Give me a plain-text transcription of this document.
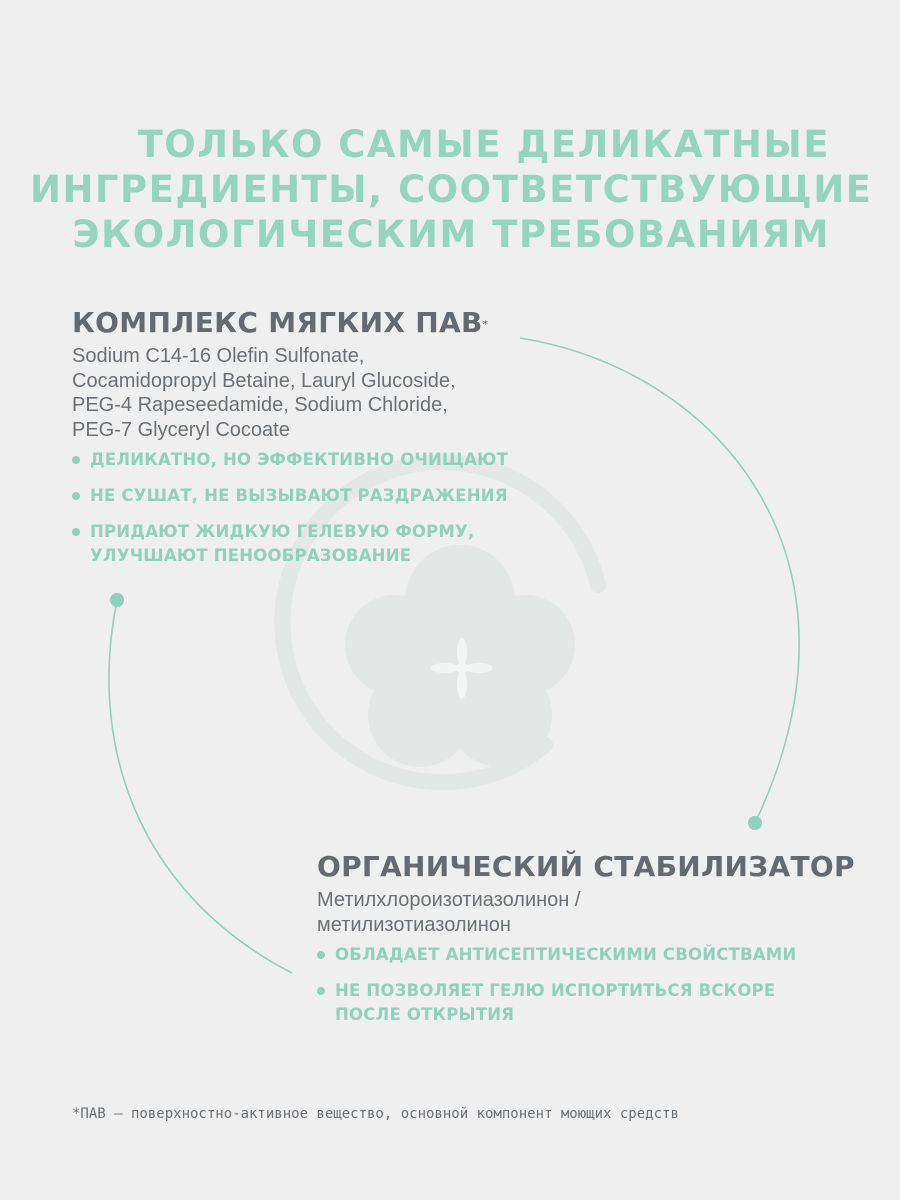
ТОЛЬКО САМЫЕ ДЕЛИКАТНЫЕ
ИНГРЕДИЕНТЫ, СООТВЕТСТВУЮЩИЕ
ЭКОЛОГИЧЕСКИМ ТРЕБОВАНИЯМ
КОМПЛЕКС МЯГКИХ ПАВ*

Sodium C14-16 Olefin Sulfonate,
Cocamidopropyl Betaine, Lauryl Glucoside,
PEG-4 Rapeseedamide, Sodium Chloride,
PEG-7 Glyceryl Cocoate

ДЕЛИКАТНО, НО ЭФФЕКТИВНО ОЧИЩАЮТ
НЕ СУШАТ, НЕ ВЫЗЫВАЮТ РАЗДРАЖЕНИЯ
ПРИДАЮТ ЖИДКУЮ ГЕЛЕВУЮ ФОРМУ,
УЛУЧШАЮТ ПЕНООБРАЗОВАНИЕ
ОРГАНИЧЕСКИЙ СТАБИЛИЗАТОР

Метилхлороизотиазолинон /
метилизотиазолинон

ОБЛАДАЕТ АНТИСЕПТИЧЕСКИМИ СВОЙСТВАМИ
НЕ ПОЗВОЛЯЕТ ГЕЛЮ ИСПОРТИТЬСЯ ВСКОРЕ
ПОСЛЕ ОТКРЫТИЯ

*ПАВ – поверхностно-активное вещество, основной компонент моющих средств
